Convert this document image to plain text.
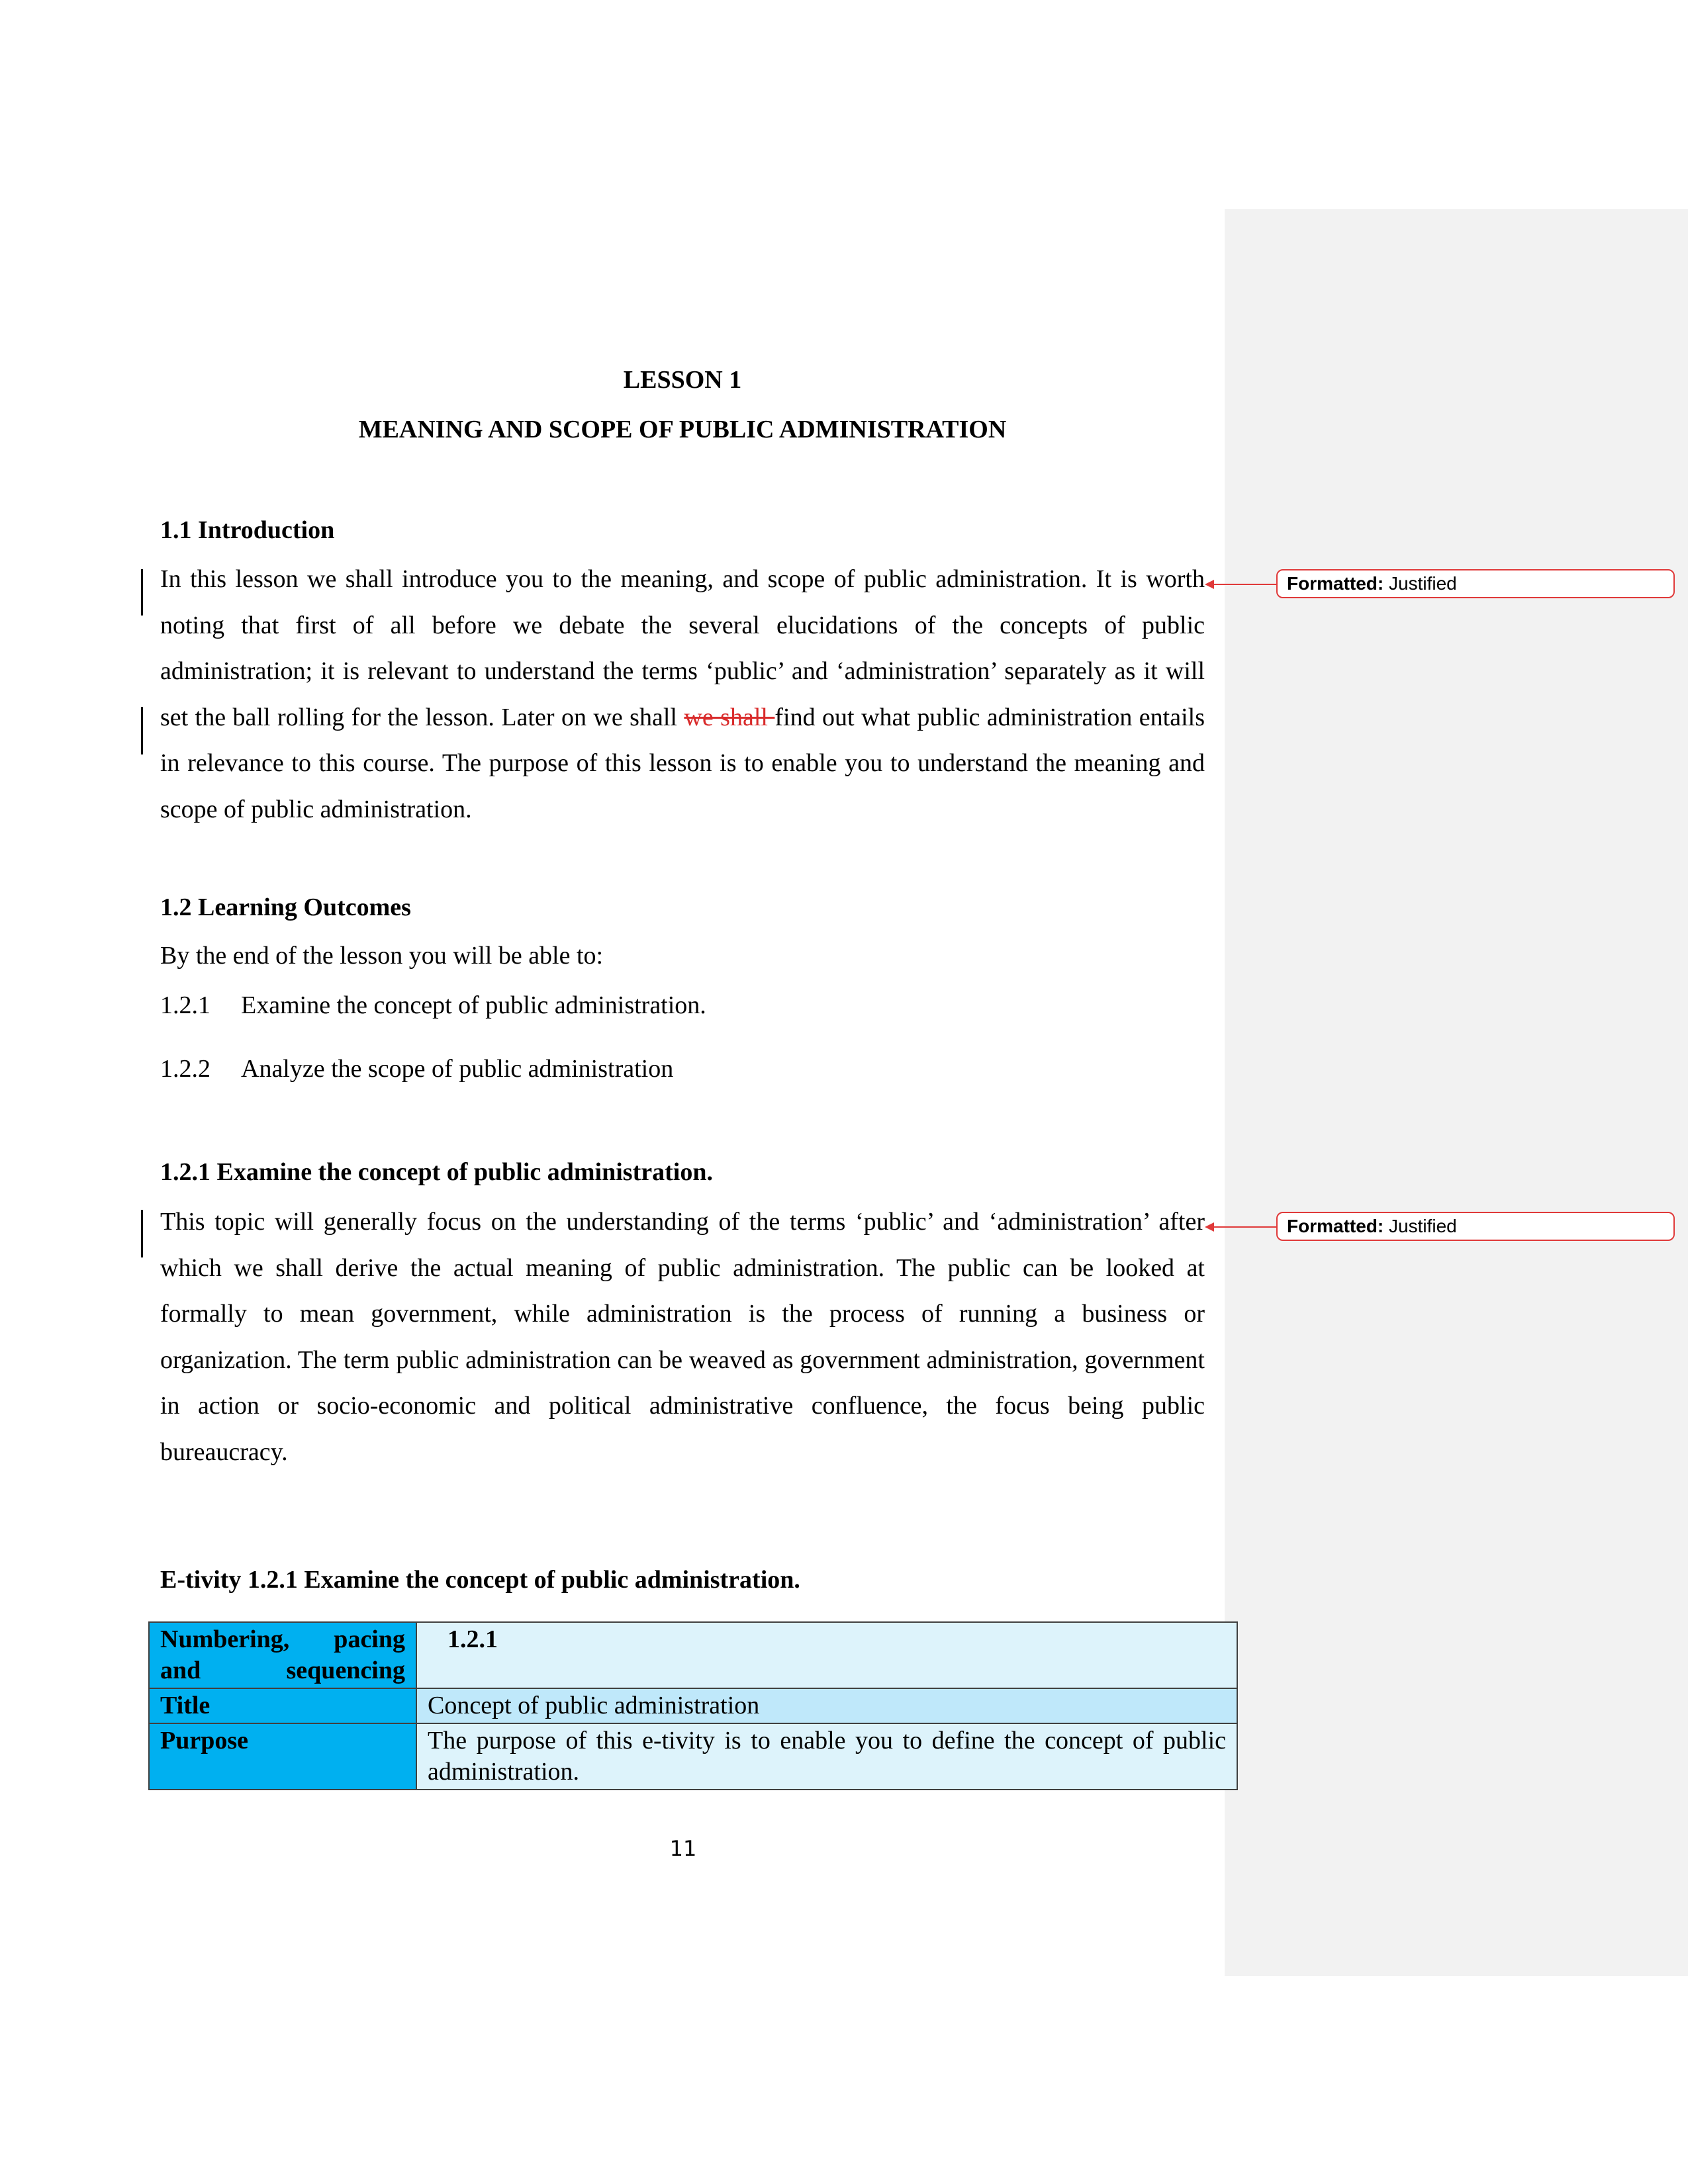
LESSON 1
MEANING AND SCOPE OF PUBLIC ADMINISTRATION
1.1 Introduction

In this lesson we shall introduce you to the meaning, and scope of public administration. It is worth noting that first of all before we debate the several elucidations of the concepts of public administration; it is relevant to understand the terms ‘public’ and ‘administration’ separately as it will set the ball rolling for the lesson. Later on we shall we shall find out what public administration entails in relevance to this course. The purpose of this lesson is to enable you to understand the meaning and scope of public administration.

1.2 Learning Outcomes
By the end of the lesson you will be able to:
1.2.1 Examine the concept of public administration.
1.2.2 Analyze the scope of public administration
1.2.1 Examine the concept of public administration.

This topic will generally focus on the understanding of the terms ‘public’ and ‘administration’ after which we shall derive the actual meaning of public administration. The public can be looked at formally to mean government, while administration is the process of running a business or organization. The term public administration can be weaved as government administration, government in action or socio-economic and political administrative confluence, the focus being public bureaucracy.

E-tivity 1.2.1 Examine the concept of public administration.
Formatted: Justified
Formatted: Justified
Numbering, pacing and sequencing	1.2.1
Title	Concept of public administration
Purpose	The purpose of this e-tivity is to enable you to define the concept of public administration.
11
